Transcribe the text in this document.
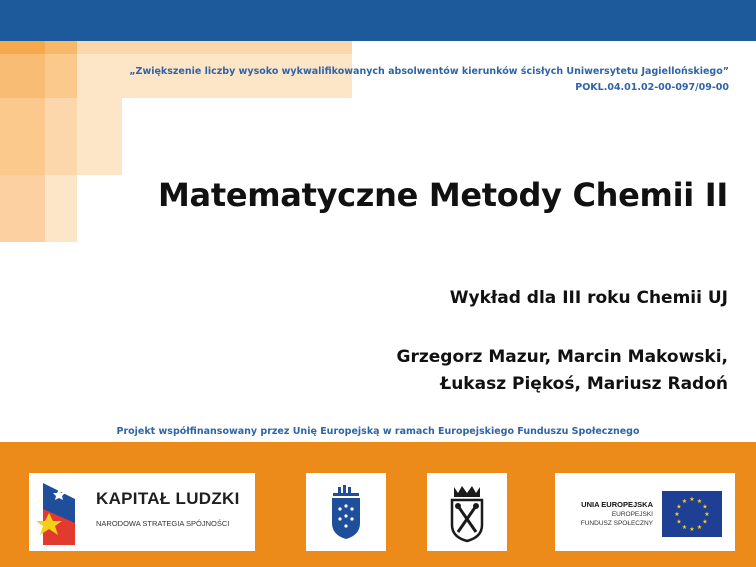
„Zwiększenie liczby wysoko wykwalifikowanych absolwentów kierunków ścisłych Uniwersytetu Jagiellońskiego”
POKL.04.01.02-00-097/09-00
Matematyczne Metody Chemii II
Wykład dla III roku Chemii UJ
Grzegorz Mazur, Marcin Makowski,
Łukasz Piękoś, Mariusz Radoń
Projekt współfinansowany przez Unię Europejską w ramach Europejskiego Funduszu Społecznego
KAPITAŁ LUDZKI
NARODOWA STRATEGIA SPÓJNOŚCI
UNIA EUROPEJSKA
EUROPEJSKI
FUNDUSZ SPOŁECZNY
★ ★
★
★
★
★
★
★
★
★
★
★
